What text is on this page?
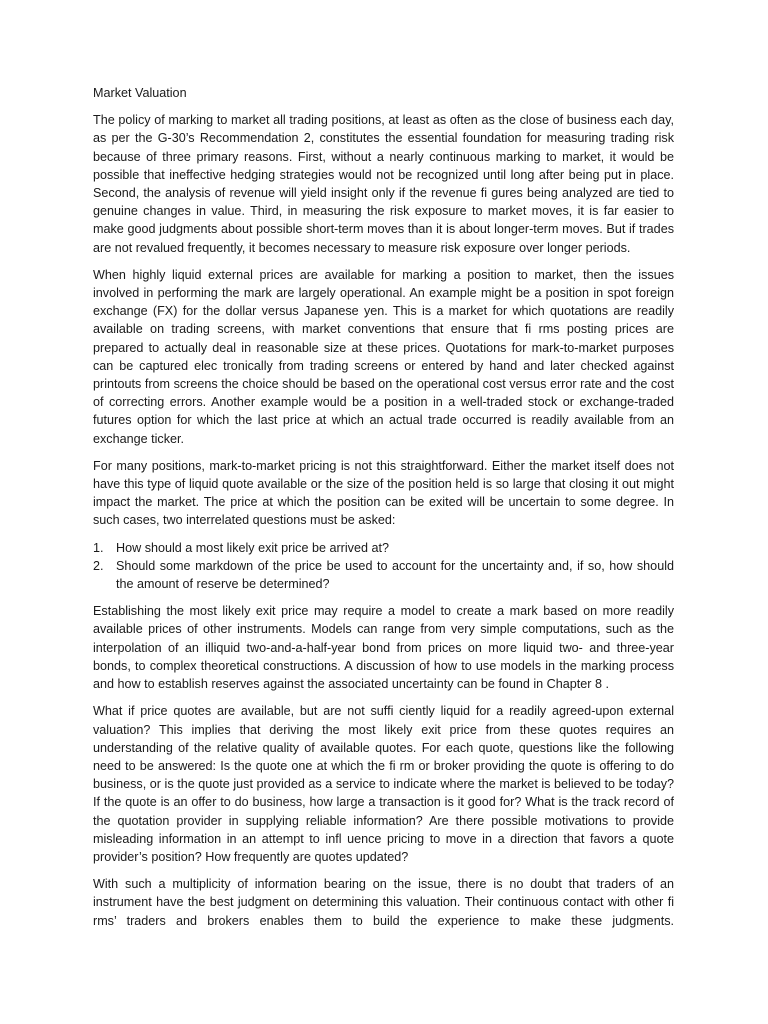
Market Valuation

The policy of marking to market all trading positions, at least as often as the close of business each day, as per the G-30’s Recommendation 2, constitutes the essential foundation for measuring trading risk because of three primary reasons. First, without a nearly continuous marking to market, it would be possible that ineffective hedging strategies would not be recognized until long after being put in place. Second, the analysis of revenue will yield insight only if the revenue fi gures being analyzed are tied to genuine changes in value. Third, in measuring the risk exposure to market moves, it is far easier to make good judgments about possible short-term moves than it is about longer-term moves. But if trades are not revalued frequently, it becomes necessary to measure risk exposure over longer periods.

When highly liquid external prices are available for marking a position to market, then the issues involved in performing the mark are largely operational. An example might be a position in spot foreign exchange (FX) for the dollar versus Japanese yen. This is a market for which quotations are readily available on trading screens, with market conventions that ensure that fi rms posting prices are prepared to actually deal in reasonable size at these prices. Quotations for mark-to-market purposes can be captured elec tronically from trading screens or entered by hand and later checked against printouts from screens the choice should be based on the operational cost versus error rate and the cost of correcting errors. Another example would be a position in a well-traded stock or exchange-traded futures option for which the last price at which an actual trade occurred is readily available from an exchange ticker.

For many positions, mark-to-market pricing is not this straightforward. Either the market itself does not have this type of liquid quote available or the size of the position held is so large that closing it out might impact the market. The price at which the position can be exited will be uncertain to some degree. In such cases, two interrelated questions must be asked:

1. How should a most likely exit price be arrived at?
2. Should some markdown of the price be used to account for the uncertainty and, if so, how should the amount of reserve be determined?

Establishing the most likely exit price may require a model to create a mark based on more readily available prices of other instruments. Models can range from very simple computations, such as the interpolation of an illiquid two-and-a-half-year bond from prices on more liquid two- and three-year bonds, to complex theoretical constructions. A discussion of how to use models in the marking process and how to establish reserves against the associated uncertainty can be found in Chapter 8 .

What if price quotes are available, but are not suffi ciently liquid for a readily agreed-upon external valuation? This implies that deriving the most likely exit price from these quotes requires an understanding of the relative quality of available quotes. For each quote, questions like the following need to be answered: Is the quote one at which the fi rm or broker providing the quote is offering to do business, or is the quote just provided as a service to indicate where the market is believed to be today? If the quote is an offer to do business, how large a transaction is it good for? What is the track record of the quotation provider in supplying reliable information? Are there possible motivations to provide misleading information in an attempt to infl uence pricing to move in a direction that favors a quote provider’s position? How frequently are quotes updated?

With such a multiplicity of information bearing on the issue, there is no doubt that traders of an instrument have the best judgment on determining this valuation. Their continuous contact with other fi rms’ traders and brokers enables them to build the experience to make these judgments.
